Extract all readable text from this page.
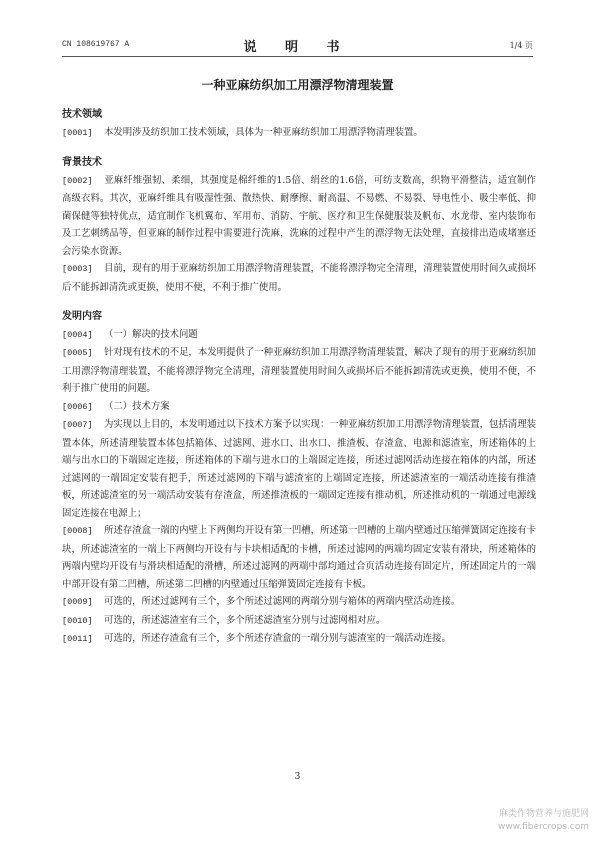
CN 108619767 A	说 明 书	1/4 页
一种亚麻纺织加工用漂浮物清理装置
技术领域
[0001] 本发明涉及纺织加工技术领域，具体为一种亚麻纺织加工用漂浮物清理装置。
背景技术
[0002] 亚麻纤维强韧、柔细，其强度是棉纤维的1.5倍、绢丝的1.6倍，可纺支数高，织物平滑整洁，适宜制作高级衣料。其次，亚麻纤维具有吸湿性强、散热快、耐摩擦、耐高温、不易燃、不易裂、导电性小、吸尘率低、抑菌保健等独特优点，适宜制作飞机翼布、军用布、消防、宇航、医疗和卫生保健服装及帆布、水龙带、室内装饰布及工艺刺绣品等，但亚麻的制作过程中需要进行洗麻，洗麻的过程中产生的漂浮物无法处理，直接排出造成堵塞还会污染水资源。
[0003] 目前，现有的用于亚麻纺织加工用漂浮物清理装置，不能将漂浮物完全清理，清理装置使用时间久或损坏后不能拆卸清洗或更换，使用不便，不利于推广使用。
发明内容
[0004] （一）解决的技术问题
[0005] 针对现有技术的不足，本发明提供了一种亚麻纺织加工用漂浮物清理装置，解决了现有的用于亚麻纺织加工用漂浮物清理装置，不能将漂浮物完全清理，清理装置使用时间久或损坏后不能拆卸清洗或更换，使用不便，不利于推广使用的问题。
[0006] （二）技术方案
[0007] 为实现以上目的，本发明通过以下技术方案予以实现：一种亚麻纺织加工用漂浮物清理装置，包括清理装置本体，所述清理装置本体包括箱体、过滤网、进水口、出水口、推渣板、存渣盒、电源和滤渣室，所述箱体的上端与出水口的下端固定连接，所述箱体的下端与进水口的上端固定连接，所述过滤网活动连接在箱体的内部，所述过滤网的一端固定安装有把手，所述过滤网的下端与滤渣室的上端固定连接，所述滤渣室的一端活动连接有推渣板，所述滤渣室的另一端活动安装有存渣盒，所述推渣板的一端固定连接有推动机，所述推动机的一端通过电源线固定连接在电源上；
[0008] 所述存渣盒一端的内壁上下两侧均开设有第一凹槽，所述第一凹槽的上端内壁通过压缩弹簧固定连接有卡块，所述滤渣室的一端上下两侧均开设有与卡块相适配的卡槽，所述过滤网的两端均固定安装有滑块，所述箱体的两端内壁均开设有与滑块相适配的滑槽，所述过滤网的两端中部均通过合页活动连接有固定片，所述固定片的一端中部开设有第二凹槽，所述第二凹槽的内壁通过压缩弹簧固定连接有卡板。
[0009] 可选的，所述过滤网有三个，多个所述过滤网的两端分别与箱体的两端内壁活动连接。
[0010] 可选的，所述滤渣室有三个，多个所述滤渣室分别与过滤网相对应。
[0011] 可选的，所述存渣盒有三个，多个所述存渣盒的一端分别与滤渣室的一端活动连接。
3
麻类作物营养与施肥网
www.fibercrops.com
